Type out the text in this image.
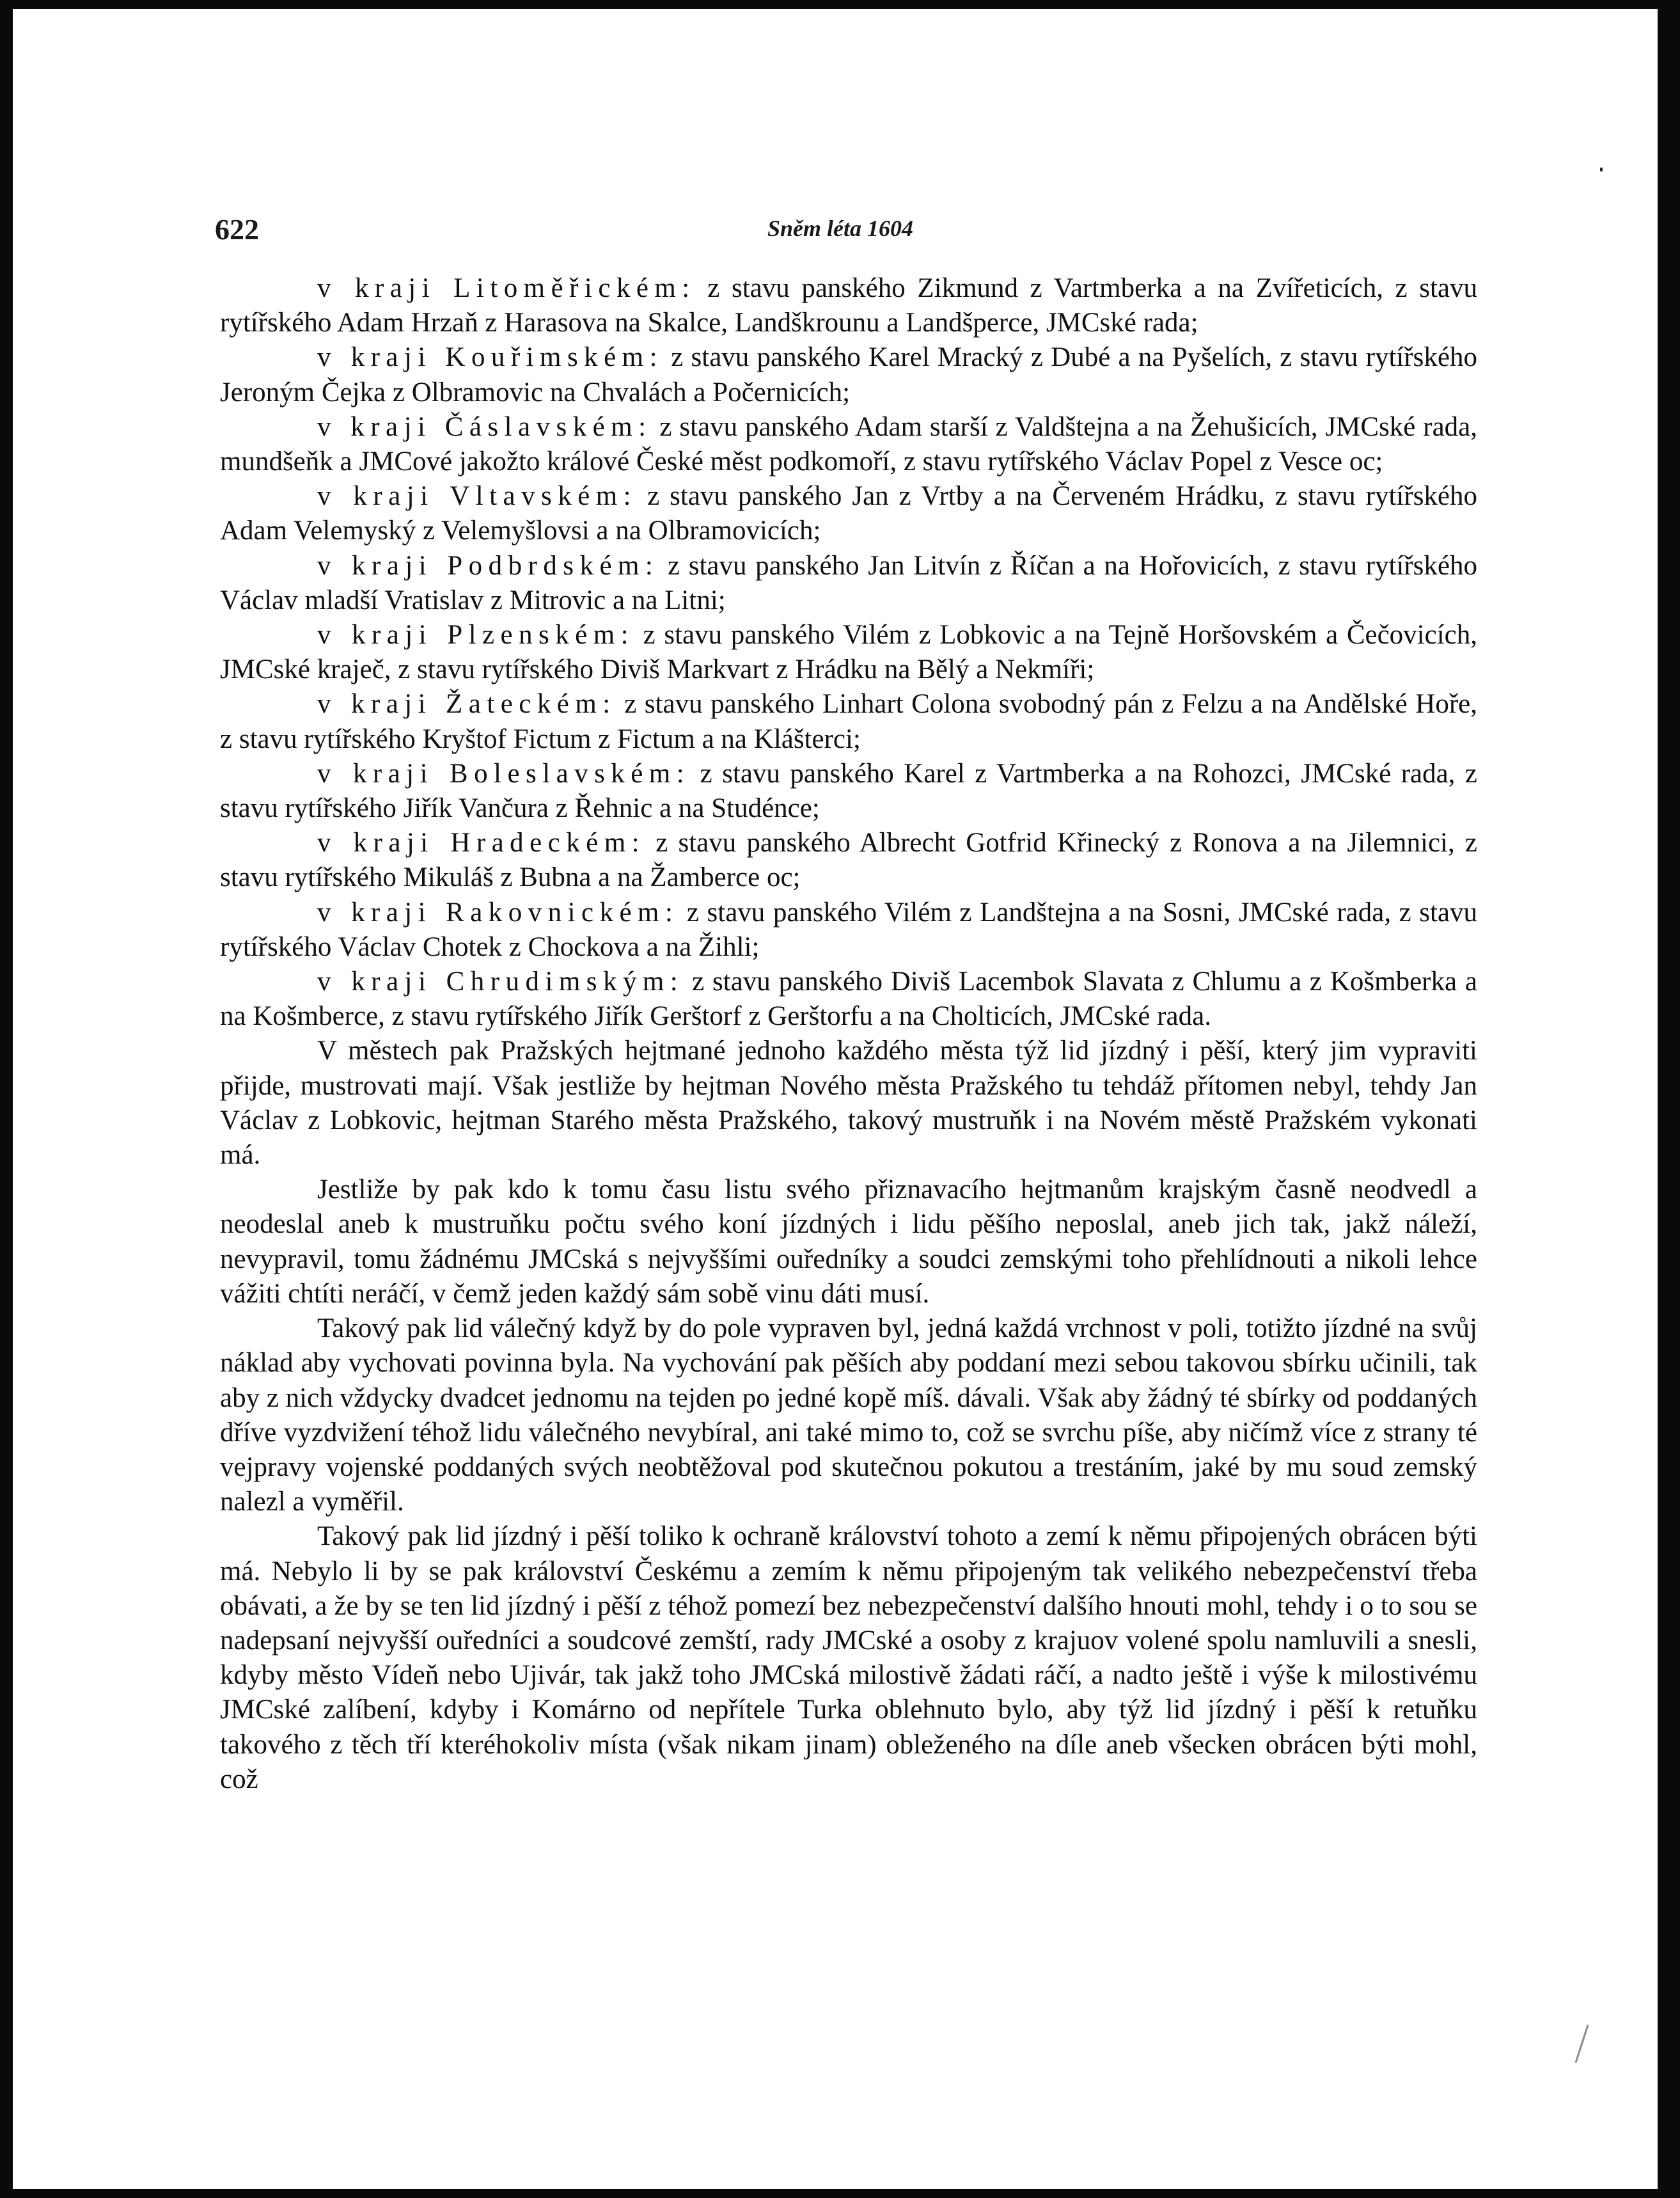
622	Sněm léta 1604

v kraji Litoměřickém: z stavu panského Zikmund z Vartmberka a na Zvířeticích, z stavu rytířského Adam Hrzaň z Harasova na Skalce, Landškrounu a Landšperce, JMCské rada;

v kraji Kouřimském: z stavu panského Karel Mracký z Dubé a na Pyšelích, z stavu rytířského Jeroným Čejka z Olbramovic na Chvalách a Počernicích;

v kraji Čáslavském: z stavu panského Adam starší z Valdštejna a na Žehušicích, JMCské rada, mundšeňk a JMCové jakožto králové České měst podkomoří, z stavu rytířského Václav Popel z Vesce oc;

v kraji Vltavském: z stavu panského Jan z Vrtby a na Červeném Hrádku, z stavu rytířského Adam Velemyský z Velemyšlovsi a na Olbramovicích;

v kraji Podbrdském: z stavu panského Jan Litvín z Říčan a na Hořovicích, z stavu rytířského Václav mladší Vratislav z Mitrovic a na Litni;

v kraji Plzenském: z stavu panského Vilém z Lobkovic a na Tejně Horšovském a Čečovicích, JMCské kraječ, z stavu rytířského Diviš Markvart z Hrádku na Bělý a Nekmíři;

v kraji Žateckém: z stavu panského Linhart Colona svobodný pán z Felzu a na Andělské Hoře, z stavu rytířského Kryštof Fictum z Fictum a na Klášterci;

v kraji Boleslavském: z stavu panského Karel z Vartmberka a na Rohozci, JMCské rada, z stavu rytířského Jiřík Vančura z Řehnic a na Studénce;

v kraji Hradeckém: z stavu panského Albrecht Gotfrid Křinecký z Ronova a na Jilemnici, z stavu rytířského Mikuláš z Bubna a na Žamberce oc;

v kraji Rakovnickém: z stavu panského Vilém z Landštejna a na Sosni, JMCské rada, z stavu rytířského Václav Chotek z Chockova a na Žihli;

v kraji Chrudimským: z stavu panského Diviš Lacembok Slavata z Chlumu a z Košmberka a na Košmberce, z stavu rytířského Jiřík Gerštorf z Gerštorfu a na Cholticích, JMCské rada.

V městech pak Pražských hejtmané jednoho každého města týž lid jízdný i pěší, který jim vypraviti přijde, mustrovati mají. Však jestliže by hejtman Nového města Pražského tu tehdáž přítomen nebyl, tehdy Jan Václav z Lobkovic, hejtman Starého města Pražského, takový mustruňk i na Novém městě Pražském vykonati má.

Jestliže by pak kdo k tomu času listu svého přiznavacího hejtmanům krajským časně neodvedl a neodeslal aneb k mustruňku počtu svého koní jízdných i lidu pěšího neposlal, aneb jich tak, jakž náleží, nevypravil, tomu žádnému JMCská s nejvyššími ouředníky a soudci zemskými toho přehlídnouti a nikoli lehce vážiti chtíti neráčí, v čemž jeden každý sám sobě vinu dáti musí.

Takový pak lid válečný když by do pole vypraven byl, jedná každá vrchnost v poli, totižto jízdné na svůj náklad aby vychovati povinna byla. Na vychování pak pěších aby poddaní mezi sebou takovou sbírku učinili, tak aby z nich vždycky dvadcet jednomu na tejden po jedné kopě míš. dávali. Však aby žádný té sbírky od poddaných dříve vyzdvižení téhož lidu válečného nevybíral, ani také mimo to, což se svrchu píše, aby ničímž více z strany té vejpravy vojenské poddaných svých neobtěžoval pod skutečnou pokutou a trestáním, jaké by mu soud zemský nalezl a vyměřil.

Takový pak lid jízdný i pěší toliko k ochraně království tohoto a zemí k němu připojených obrácen býti má. Nebylo li by se pak království Českému a zemím k němu připojeným tak velikého nebezpečenství třeba obávati, a že by se ten lid jízdný i pěší z téhož pomezí bez nebezpečenství dalšího hnouti mohl, tehdy i o to sou se nadepsaní nejvyšší ouředníci a soudcové zemští, rady JMCské a osoby z krajuov volené spolu namluvili a snesli, kdyby město Vídeň nebo Ujivár, tak jakž toho JMCská milostivě žádati ráčí, a nadto ještě i výše k milostivému JMCské zalíbení, kdyby i Komárno od nepřítele Turka oblehnuto bylo, aby týž lid jízdný i pěší k retuňku takového z těch tří kteréhokoliv místa (však nikam jinam) obleženého na díle aneb všecken obrácen býti mohl, což
